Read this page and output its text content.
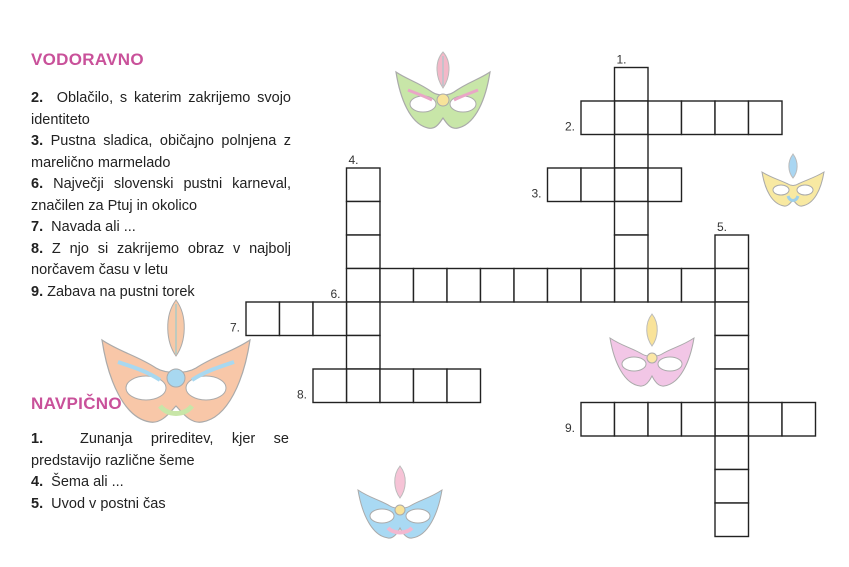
1.
2.
3.
4.
5.
6.
7.
8.
9.
VODORAVNO
2. Oblačilo, s katerim zakrijemo svojo identiteto
3. Pustna sladica, običajno polnjena z marelično marmelado
6. Največji slovenski pustni karneval, značilen za Ptuj in okolico
7. Navada ali ...
8. Z njo si zakrijemo obraz v najbolj norčavem času v letu
9. Zabava na pustni torek
NAVPIČNO
1.	Zunanja prireditev, kjer se predstavijo različne šeme
4. Šema ali ...
5. Uvod v postni čas
